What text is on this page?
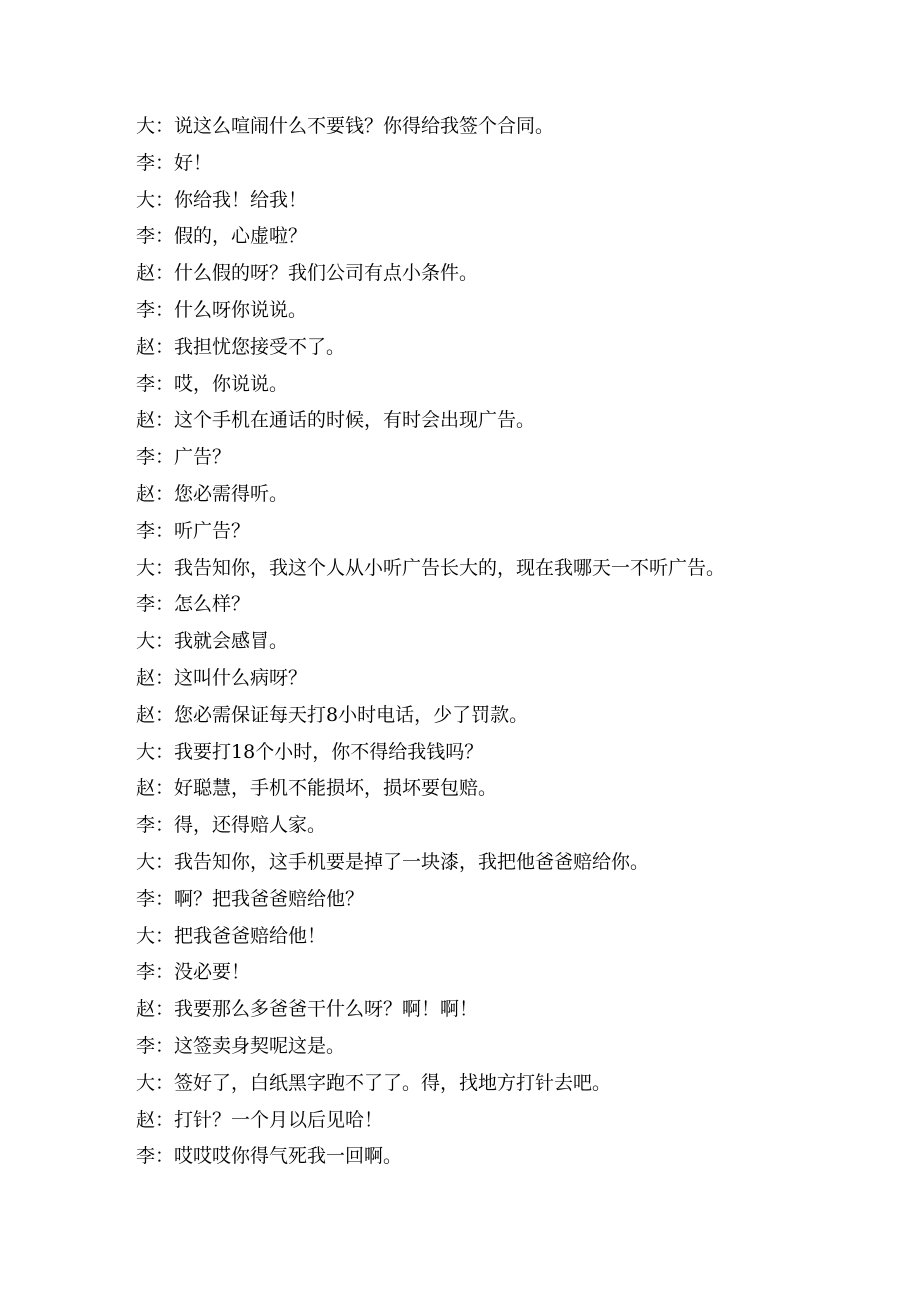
大：说这么喧闹什么不要钱？你得给我签个合同。
李：好！
大：你给我！给我！
李：假的，心虚啦？
赵：什么假的呀？我们公司有点小条件。
李：什么呀你说说。
赵：我担忧您接受不了。
李：哎，你说说。
赵：这个手机在通话的时候，有时会出现广告。
李：广告？
赵：您必需得听。
李：听广告？
大：我告知你，我这个人从小听广告长大的，现在我哪天一不听广告。
李：怎么样？
大：我就会感冒。
赵：这叫什么病呀？
赵：您必需保证每天打8小时电话，少了罚款。
大：我要打18个小时，你不得给我钱吗？
赵：好聪慧，手机不能损坏，损坏要包赔。
李：得，还得赔人家。
大：我告知你，这手机要是掉了一块漆，我把他爸爸赔给你。
李：啊？把我爸爸赔给他？
大：把我爸爸赔给他！
李：没必要！
赵：我要那么多爸爸干什么呀？啊！啊！
李：这签卖身契呢这是。
大：签好了，白纸黑字跑不了了。得，找地方打针去吧。
赵：打针？一个月以后见哈！
李：哎哎哎你得气死我一回啊。
